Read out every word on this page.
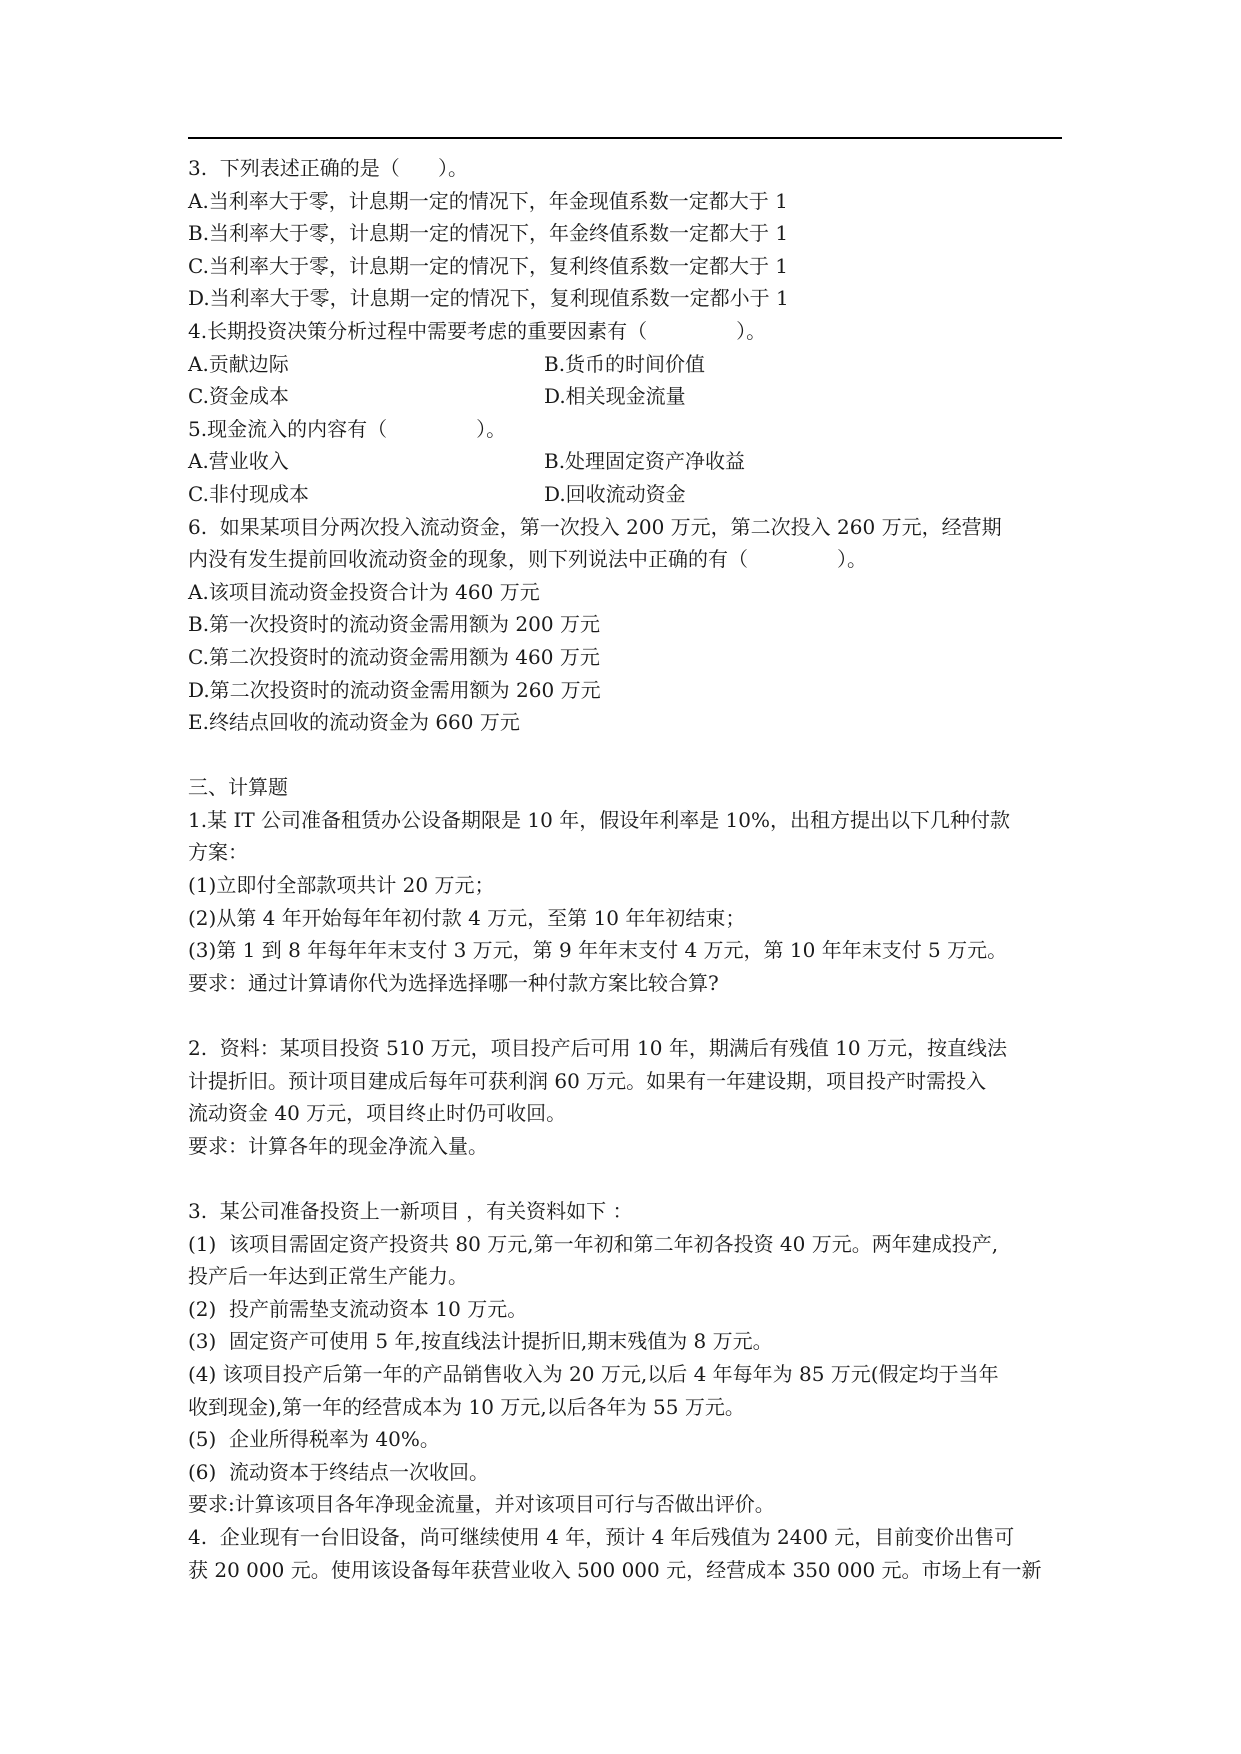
3.  下列表述正确的是（      ）。
A.当利率大于零，计息期一定的情况下，年金现值系数一定都大于 1
B.当利率大于零，计息期一定的情况下，年金终值系数一定都大于 1
C.当利率大于零，计息期一定的情况下，复利终值系数一定都大于 1
D.当利率大于零，计息期一定的情况下，复利现值系数一定都小于 1
4.长期投资决策分析过程中需要考虑的重要因素有（              ）。
A.贡献边际	B.货币的时间价值
C.资金成本	D.相关现金流量
5.现金流入的内容有（              ）。
A.营业收入	B.处理固定资产净收益
C.非付现成本	D.回收流动资金
6.  如果某项目分两次投入流动资金，第一次投入 200 万元，第二次投入 260 万元，经营期
内没有发生提前回收流动资金的现象，则下列说法中正确的有（              ）。
A.该项目流动资金投资合计为 460 万元
B.第一次投资时的流动资金需用额为 200 万元
C.第二次投资时的流动资金需用额为 460 万元
D.第二次投资时的流动资金需用额为 260 万元
E.终结点回收的流动资金为 660 万元
三、计算题
1.某 IT 公司准备租赁办公设备期限是 10 年，假设年利率是 10%，出租方提出以下几种付款
方案：
(1)立即付全部款项共计 20 万元；
(2)从第 4 年开始每年年初付款 4 万元，至第 10 年年初结束；
(3)第 1 到 8 年每年年末支付 3 万元，第 9 年年末支付 4 万元，第 10 年年末支付 5 万元。
要求：通过计算请你代为选择选择哪一种付款方案比较合算?
2.  资料：某项目投资 510 万元，项目投产后可用 10 年，期满后有残值 10 万元，按直线法
计提折旧。预计项目建成后每年可获利润 60 万元。如果有一年建设期，项目投产时需投入
流动资金 40 万元，项目终止时仍可收回。
要求：计算各年的现金净流入量。
3.  某公司准备投资上一新项目 ，有关资料如下 ：
(1)  该项目需固定资产投资共 80 万元,第一年初和第二年初各投资 40 万元。两年建成投产,
投产后一年达到正常生产能力。
(2)  投产前需垫支流动资本 10 万元。
(3)  固定资产可使用 5 年,按直线法计提折旧,期末残值为 8 万元。
(4) 该项目投产后第一年的产品销售收入为 20 万元,以后 4 年每年为 85 万元(假定均于当年
收到现金),第一年的经营成本为 10 万元,以后各年为 55 万元。
(5)  企业所得税率为 40%。
(6)  流动资本于终结点一次收回。
要求:计算该项目各年净现金流量，并对该项目可行与否做出评价。
4.  企业现有一台旧设备，尚可继续使用 4 年，预计 4 年后残值为 2400 元，目前变价出售可
获 20 000 元。使用该设备每年获营业收入 500 000 元，经营成本 350 000 元。市场上有一新
